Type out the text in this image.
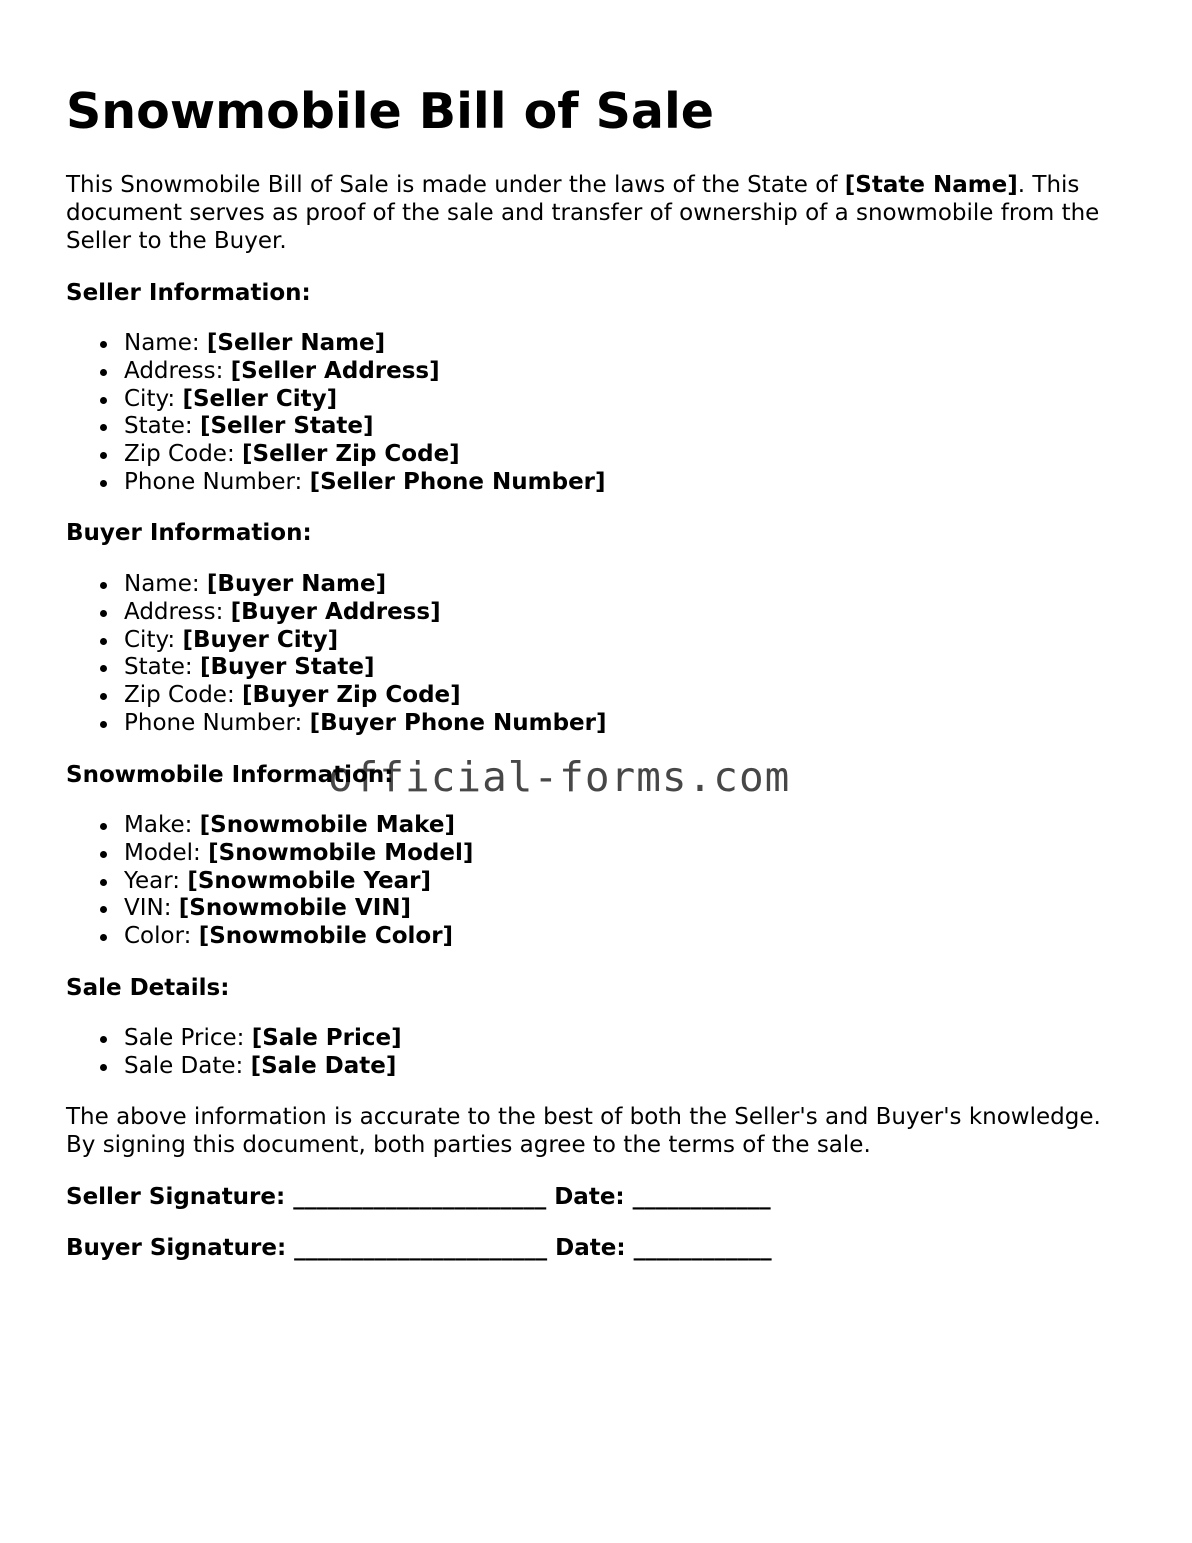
Snowmobile Bill of Sale

This Snowmobile Bill of Sale is made under the laws of the State of [State Name]. This document serves as proof of the sale and transfer of ownership of a snowmobile from the Seller to the Buyer.

Seller Information:

Name: [Seller Name]
Address: [Seller Address]
City: [Seller City]
State: [Seller State]
Zip Code: [Seller Zip Code]
Phone Number: [Seller Phone Number]

Buyer Information:

Name: [Buyer Name]
Address: [Buyer Address]
City: [Buyer City]
State: [Buyer State]
Zip Code: [Buyer Zip Code]
Phone Number: [Buyer Phone Number]

Snowmobile Information:

Make: [Snowmobile Make]
Model: [Snowmobile Model]
Year: [Snowmobile Year]
VIN: [Snowmobile VIN]
Color: [Snowmobile Color]

Sale Details:

Sale Price: [Sale Price]
Sale Date: [Sale Date]

The above information is accurate to the best of both the Seller's and Buyer's knowledge. By signing this document, both parties agree to the terms of the sale.

Seller Signature: ______________________ Date: ____________

Buyer Signature: ______________________ Date: ____________

official-forms.com
